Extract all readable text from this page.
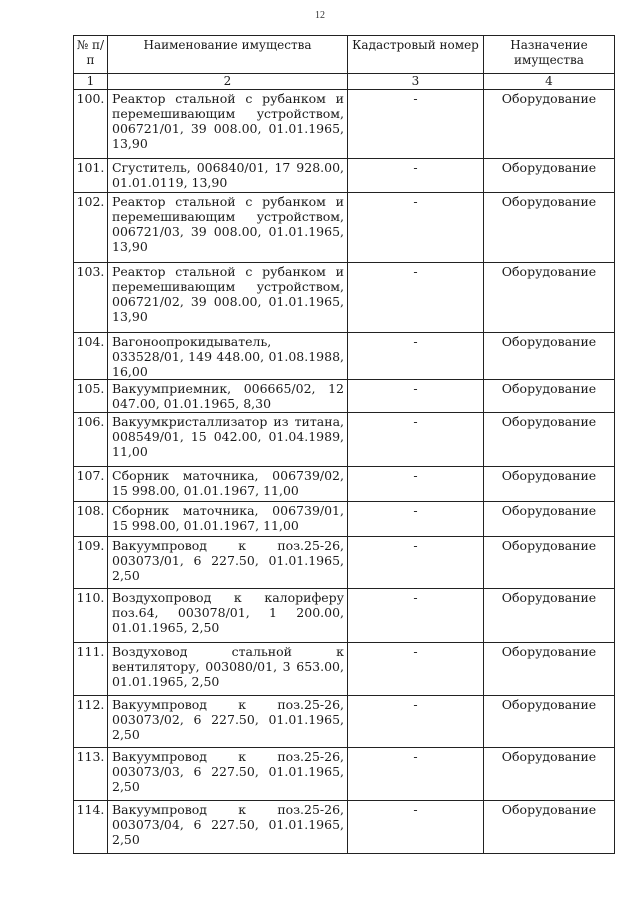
12
№ п/п	Наименование имущества	Кадастровый номер	Назначение имущества
1	2	3	4
100.	Реактор стальной с рубанком и перемешивающим устройством, 006721/01, 39 008.00, 01.01.1965, 13,90	-	Оборудование
101.	Сгуститель, 006840/01, 17 928.00, 01.01.0119, 13,90	-	Оборудование
102.	Реактор стальной с рубанком и перемешивающим устройством, 006721/03, 39 008.00, 01.01.1965, 13,90	-	Оборудование
103.	Реактор стальной с рубанком и перемешивающим устройством, 006721/02, 39 008.00, 01.01.1965, 13,90	-	Оборудование
104.	Вагоноопрокидыватель, 033528/01, 149 448.00, 01.08.1988, 16,00	-	Оборудование
105.	Вакуумприемник, 006665/02, 12 047.00, 01.01.1965, 8,30	-	Оборудование
106.	Вакуумкристаллизатор из титана, 008549/01, 15 042.00, 01.04.1989, 11,00	-	Оборудование
107.	Сборник маточника, 006739/02, 15 998.00, 01.01.1967, 11,00	-	Оборудование
108.	Сборник маточника, 006739/01, 15 998.00, 01.01.1967, 11,00	-	Оборудование
109.	Вакуумпровод к поз.25-26, 003073/01, 6 227.50, 01.01.1965, 2,50	-	Оборудование
110.	Воздухопровод к калориферу поз.64, 003078/01, 1 200.00, 01.01.1965, 2,50	-	Оборудование
111.	Воздуховод стальной к вентилятору, 003080/01, 3 653.00, 01.01.1965, 2,50	-	Оборудование
112.	Вакуумпровод к поз.25-26, 003073/02, 6 227.50, 01.01.1965, 2,50	-	Оборудование
113.	Вакуумпровод к поз.25-26, 003073/03, 6 227.50, 01.01.1965, 2,50	-	Оборудование
114.	Вакуумпровод к поз.25-26, 003073/04, 6 227.50, 01.01.1965, 2,50	-	Оборудование
